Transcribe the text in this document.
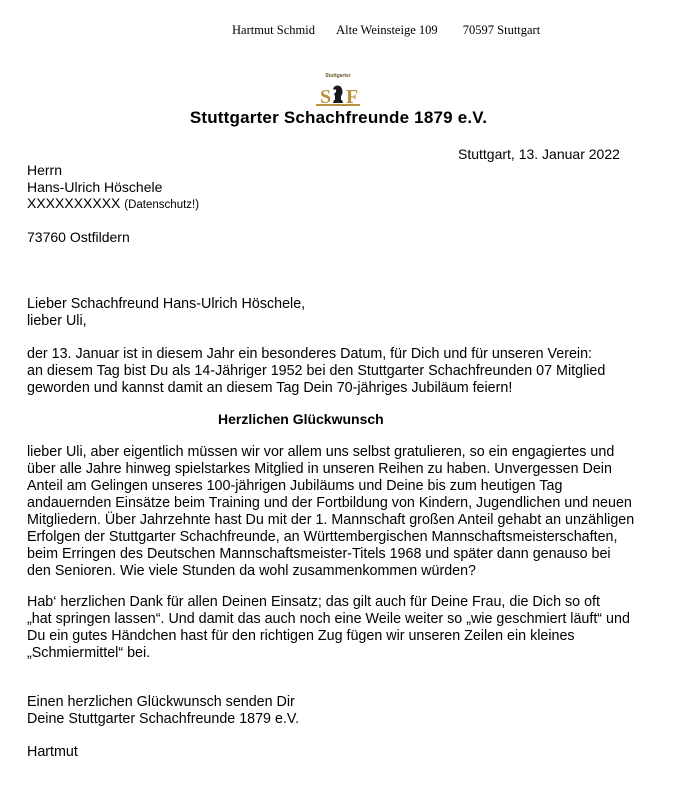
Hartmut Schmid Alte Weinsteige 109 70597 Stuttgart
Stuttgarter
S F
Stuttgarter Schachfreunde 1879 e.V.
Stuttgart, 13. Januar 2022
Herrn
Hans-Ulrich Höschele
XXXXXXXXXX (Datenschutz!)
73760 Ostfildern
Lieber Schachfreund Hans-Ulrich Höschele,
lieber Uli,
der 13. Januar ist in diesem Jahr ein besonderes Datum, für Dich und für unseren Verein:
an diesem Tag bist Du als 14-Jähriger 1952 bei den Stuttgarter Schachfreunden 07 Mitglied
geworden und kannst damit an diesem Tag Dein 70-jähriges Jubiläum feiern!
Herzlichen Glückwunsch
lieber Uli, aber eigentlich müssen wir vor allem uns selbst gratulieren, so ein engagiertes und
über alle Jahre hinweg spielstarkes Mitglied in unseren Reihen zu haben. Unvergessen Dein
Anteil am Gelingen unseres 100-jährigen Jubiläums und Deine bis zum heutigen Tag
andauernden Einsätze beim Training und der Fortbildung von Kindern, Jugendlichen und neuen
Mitgliedern. Über Jahrzehnte hast Du mit der 1. Mannschaft großen Anteil gehabt an unzähligen
Erfolgen der Stuttgarter Schachfreunde, an Württembergischen Mannschaftsmeisterschaften,
beim Erringen des Deutschen Mannschaftsmeister-Titels 1968 und später dann genauso bei
den Senioren. Wie viele Stunden da wohl zusammenkommen würden?
Hab‘ herzlichen Dank für allen Deinen Einsatz; das gilt auch für Deine Frau, die Dich so oft
„hat springen lassen“. Und damit das auch noch eine Weile weiter so „wie geschmiert läuft“ und
Du ein gutes Händchen hast für den richtigen Zug fügen wir unseren Zeilen ein kleines
„Schmiermittel“ bei.
Einen herzlichen Glückwunsch senden Dir
Deine Stuttgarter Schachfreunde 1879 e.V.
Hartmut
